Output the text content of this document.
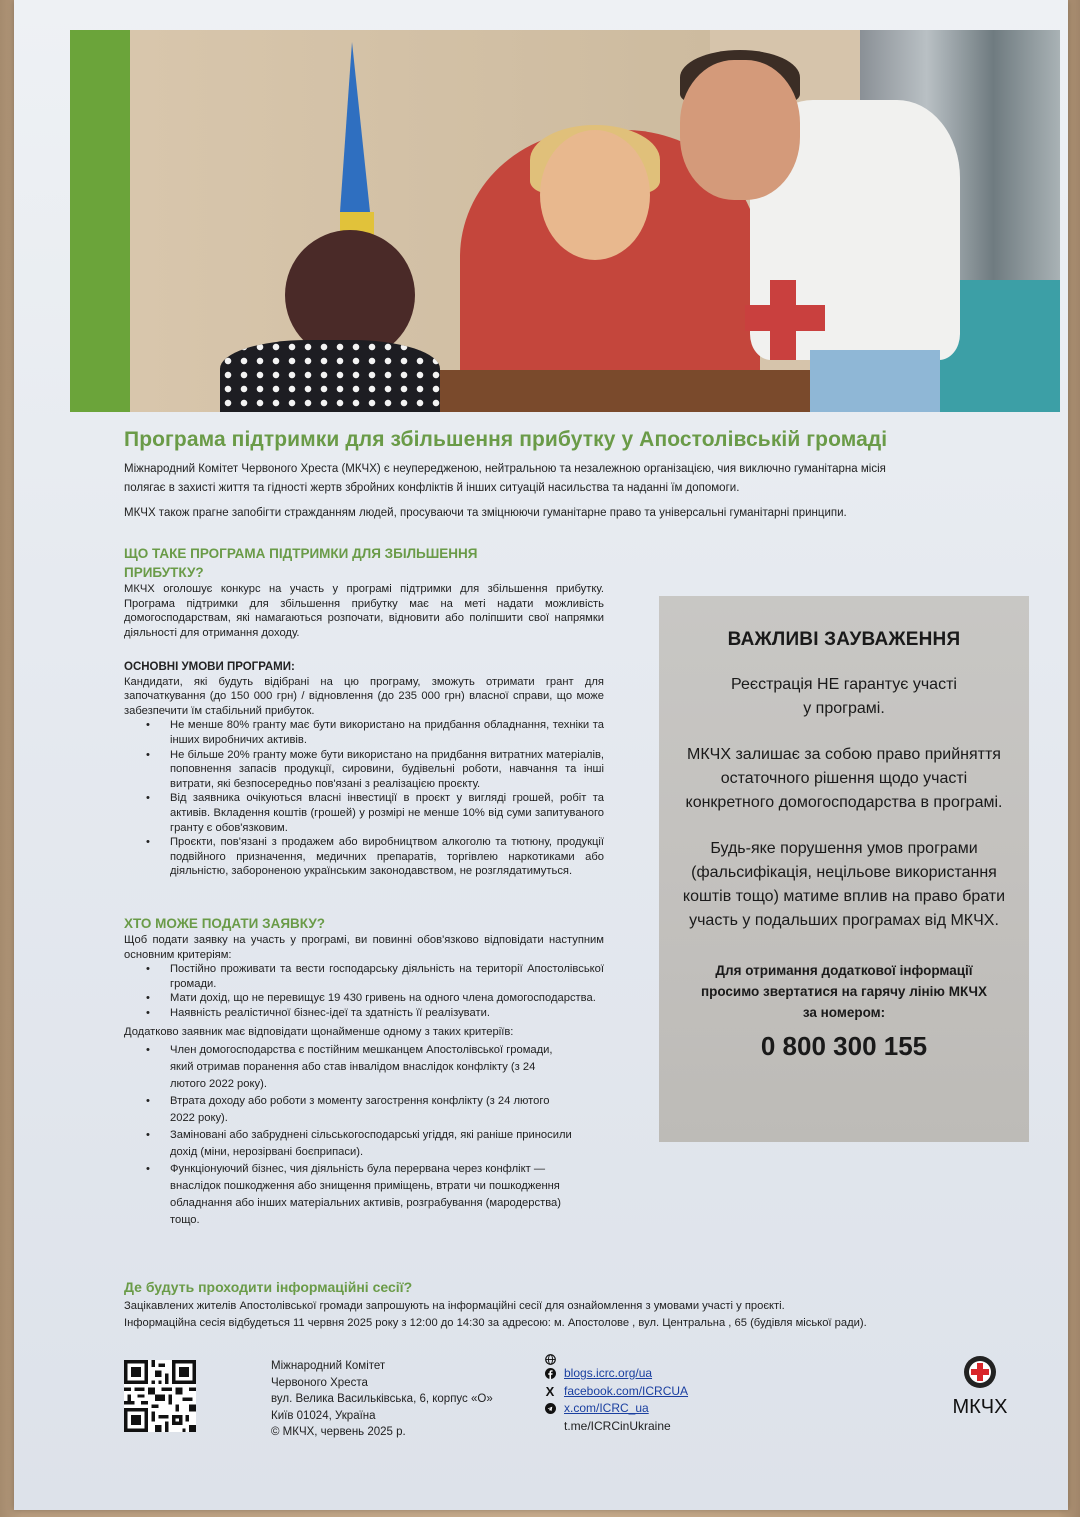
Програма підтримки для збільшення прибутку у Апостолівській громаді

Міжнародний Комітет Червоного Хреста (МКЧХ) є неупередженою, нейтральною та незалежною організацією, чия виключно гуманітарна місія полягає в захисті життя та гідності жертв збройних конфліктів й інших ситуацій насильства та наданні їм допомоги.

МКЧХ також прагне запобігти стражданням людей, просуваючи та зміцнюючи гуманітарне право та універсальні гуманітарні принципи.

ЩО ТАКЕ ПРОГРАМА ПІДТРИМКИ ДЛЯ ЗБІЛЬШЕННЯ
ПРИБУТКУ?

МКЧХ оголошує конкурс на участь у програмі підтримки для збільшення прибутку. Програма підтримки для збільшення прибутку має на меті надати можливість домогосподарствам, які намагаються розпочати, відновити або поліпшити свої напрямки діяльності для отримання доходу.

ОСНОВНІ УМОВИ ПРОГРАМИ:

Кандидати, які будуть відібрані на цю програму, зможуть отримати грант для започаткування (до 150 000 грн) / відновлення (до 235 000 грн) власної справи, що може забезпечити їм стабільний прибуток.

• Не менше 80% гранту має бути використано на придбання обладнання, техніки та інших виробничих активів.
• Не більше 20% гранту може бути використано на придбання витратних матеріалів, поповнення запасів продукції, сировини, будівельні роботи, навчання та інші витрати, які безпосередньо пов'язані з реалізацією проєкту.
• Від заявника очікуються власні інвестиції в проєкт у вигляді грошей, робіт та активів. Вкладення коштів (грошей) у розмірі не менше 10% від суми запитуваного гранту є обов'язковим.
• Проєкти, пов'язані з продажем або виробництвом алкоголю та тютюну, продукції подвійного призначення, медичних препаратів, торгівлею наркотиками або діяльністю, забороненою українським законодавством, не розглядатимуться.
ХТО МОЖЕ ПОДАТИ ЗАЯВКУ?

Щоб подати заявку на участь у програмі, ви повинні обов'язково відповідати наступним основним критеріям:

• Постійно проживати та вести господарську діяльність на території Апостолівської громади.
• Мати дохід, що не перевищує 19 430 гривень на одного члена домогосподарства.
• Наявність реалістичної бізнес-ідеї та здатність її реалізувати.

Додатково заявник має відповідати щонайменше одному з таких критеріїв:

• Член домогосподарства є постійним мешканцем Апостолівської громади, який отримав поранення або став інвалідом внаслідок конфлікту (з 24 лютого 2022 року).
• Втрата доходу або роботи з моменту загострення конфлікту (з 24 лютого 2022 року).
• Заміновані або забруднені сільськогосподарські угіддя, які раніше приносили дохід (міни, нерозірвані боєприпаси).
• Функціонуючий бізнес, чия діяльність була перервана через конфлікт — внаслідок пошкодження або знищення приміщень, втрати чи пошкодження обладнання або інших матеріальних активів, розграбування (мародерства) тощо.
ВАЖЛИВІ ЗАУВАЖЕННЯ
Реєстрація НЕ гарантує участі
у програмі.
МКЧХ залишає за собою право прийняття остаточного рішення щодо участі конкретного домогосподарства в програмі.
Будь-яке порушення умов програми (фальсифікація, нецільове використання коштів тощо) матиме вплив на право брати участь у подальших програмах від МКЧХ.
Для отримання додаткової інформації просимо звертатися на гарячу лінію МКЧХ за номером:
0 800 300 155
Де будуть проходити інформаційні сесії?

Зацікавлених жителів Апостолівської громади запрошують на інформаційні сесії для ознайомлення з умовами участі у проєкті.

Інформаційна сесія відбудеться 11 червня 2025 року з 12:00 до 14:30 за адресою: м. Апостолове , вул. Центральна , 65 (будівля міської ради).

Міжнародний Комітет
Червоного Хреста
вул. Велика Васильківська, 6, корпус «О»
Київ 01024, Україна
© МКЧХ, червень 2025 р.
blogs.icrc.org/ua
X facebook.com/ICRCUA
x.com/ICRC_ua
t.me/ICRCinUkraine
МКЧХ
